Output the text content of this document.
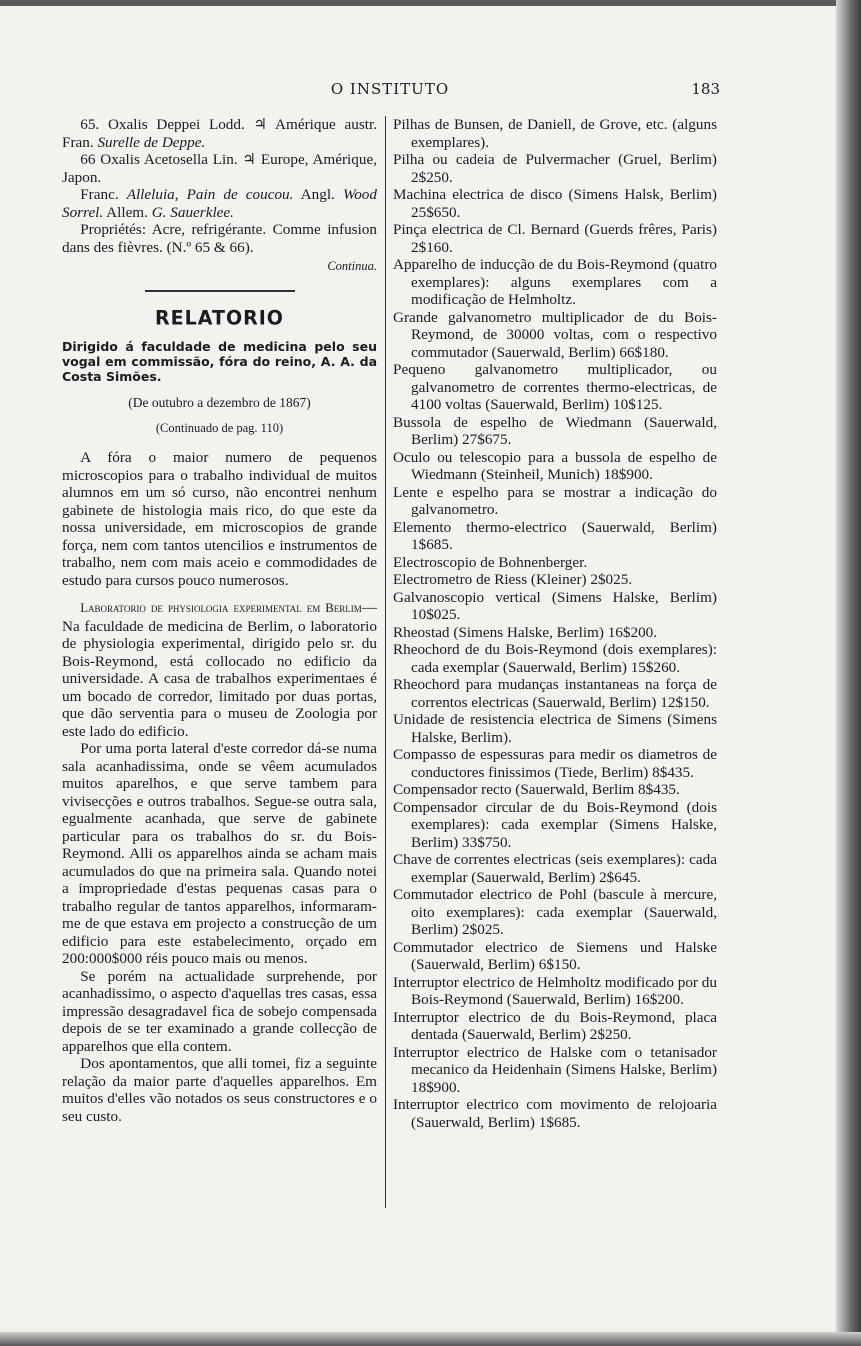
O INSTITUTO	183

65. Oxalis Deppei Lodd. ♃ Amérique austr. Fran. Surelle de Deppe.

66 Oxalis Acetosella Lin. ♃ Europe, Amérique, Japon.

Franc. Alleluia, Pain de coucou. Angl. Wood Sorrel. Allem. G. Sauerklee.

Propriétés: Acre, refrigérante. Comme infusion dans des fièvres. (N.º 65 & 66).

Continua.

RELATORIO

Dirigido á faculdade de medicina pelo seu vogal em commissão, fóra do reino, A. A. da Costa Simões.

(De outubro a dezembro de 1867)

(Continuado de pag. 110)

A fóra o maior numero de pequenos microscopios para o trabalho individual de muitos alumnos em um só curso, não encontrei nenhum gabinete de histologia mais rico, do que este da nossa universidade, em microscopios de grande força, nem com tantos utencilios e instrumentos de trabalho, nem com mais aceio e commodidades de estudo para cursos pouco numerosos.

Laboratorio de physiologia experimental em Berlim—Na faculdade de medicina de Berlim, o laboratorio de physiologia experimental, dirigido pelo sr. du Bois-Reymond, está collocado no edificio da universidade. A casa de trabalhos experimentaes é um bocado de corredor, limitado por duas portas, que dão serventia para o museu de Zoologia por este lado do edificio.

Por uma porta lateral d'este corredor dá-se numa sala acanhadissima, onde se vêem acumulados muitos aparelhos, e que serve tambem para vivisecções e outros trabalhos. Segue-se outra sala, egualmente acanhada, que serve de gabinete particular para os trabalhos do sr. du Bois-Reymond. Alli os apparelhos ainda se acham mais acumulados do que na primeira sala. Quando notei a impropriedade d'estas pequenas casas para o trabalho regular de tantos apparelhos, informaram-me de que estava em projecto a construcção de um edificio para este estabelecimento, orçado em 200:000$000 réis pouco mais ou menos.

Se porém na actualidade surprehende, por acanhadissimo, o aspecto d'aquellas tres casas, essa impressão desagradavel fica de sobejo compensada depois de se ter examinado a grande collecção de apparelhos que ella contem.

Dos apontamentos, que alli tomei, fiz a seguinte relação da maior parte d'aquelles apparelhos. Em muitos d'elles vão notados os seus constructores e o seu custo.

Pilhas de Bunsen, de Daniell, de Grove, etc. (alguns exemplares).

Pilha ou cadeia de Pulvermacher (Gruel, Berlim) 2$250.

Machina electrica de disco (Simens Halsk, Berlim) 25$650.

Pinça electrica de Cl. Bernard (Guerds frêres, Paris) 2$160.

Apparelho de inducção de du Bois-Reymond (quatro exemplares): alguns exemplares com a modificação de Helmholtz.

Grande galvanometro multiplicador de du Bois-Reymond, de 30000 voltas, com o respectivo commutador (Sauerwald, Berlim) 66$180.

Pequeno galvanometro multiplicador, ou galvanometro de correntes thermo-electricas, de 4100 voltas (Sauerwald, Berlim) 10$125.

Bussola de espelho de Wiedmann (Sauerwald, Berlim) 27$675.

Oculo ou telescopio para a bussola de espelho de Wiedmann (Steinheil, Munich) 18$900.

Lente e espelho para se mostrar a indicação do galvanometro.

Elemento thermo-electrico (Sauerwald, Berlim) 1$685.

Electroscopio de Bohnenberger.

Electrometro de Riess (Kleiner) 2$025.

Galvanoscopio vertical (Simens Halske, Berlim) 10$025.

Rheostad (Simens Halske, Berlim) 16$200.

Rheochord de du Bois-Reymond (dois exemplares): cada exemplar (Sauerwald, Berlim) 15$260.

Rheochord para mudanças instantaneas na força de correntos electricas (Sauerwald, Berlim) 12$150.

Unidade de resistencia electrica de Simens (Simens Halske, Berlim).

Compasso de espessuras para medir os diametros de conductores finissimos (Tiede, Berlim) 8$435.

Compensador recto (Sauerwald, Berlim 8$435.

Compensador circular de du Bois-Reymond (dois exemplares): cada exemplar (Simens Halske, Berlim) 33$750.

Chave de correntes electricas (seis exemplares): cada exemplar (Sauerwald, Berlim) 2$645.

Commutador electrico de Pohl (bascule à mercure, oito exemplares): cada exemplar (Sauerwald, Berlim) 2$025.

Commutador electrico de Siemens und Halske (Sauerwald, Berlim) 6$150.

Interruptor electrico de Helmholtz modificado por du Bois-Reymond (Sauerwald, Berlim) 16$200.

Interruptor electrico de du Bois-Reymond, placa dentada (Sauerwald, Berlim) 2$250.

Interruptor electrico de Halske com o tetanisador mecanico da Heidenhain (Simens Halske, Berlim) 18$900.

Interruptor electrico com movimento de relojoaria (Sauerwald, Berlim) 1$685.
